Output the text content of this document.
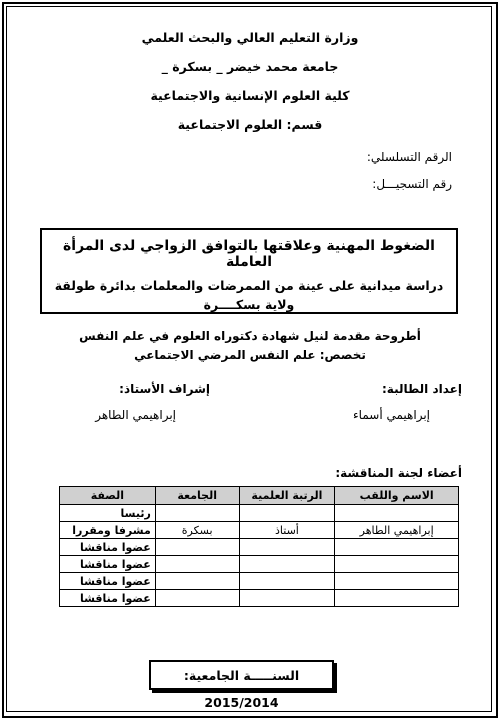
وزارة التعليم العالي والبحث العلمي
جامعة محمد خيضر _ بسكرة _
كلية العلوم الإنسانية والاجتماعية
قسم: العلوم الاجتماعية
الرقم التسلسلي:
رقم التسجيـــل:
الضغوط المهنية وعلاقتها بالتوافق الزواجي لدى المرأة العاملة
دراسة ميدانية على عينة من الممرضات والمعلمات بدائرة طولقة
ولاية بسكــــرة
أطروحة مقدمة لنيل شهادة دكتوراه العلوم في علم النفس
تخصص: علم النفس المرضي الاجتماعي
إعداد الطالبة:
إبراهيمي أسماء
إشراف الأستاذ:
إبراهيمي الطاهر
أعضاء لجنة المناقشة:
الاسم واللقب	الرتبة العلمية	الجامعة	الصفة
			رئيسا
إبراهيمي الطاهر	أستاذ	بسكرة	مشرفا ومقررا
			عضوا مناقشا
			عضوا مناقشا
			عضوا مناقشا
			عضوا مناقشا
السنـــــة الجامعية: 2015/2014
